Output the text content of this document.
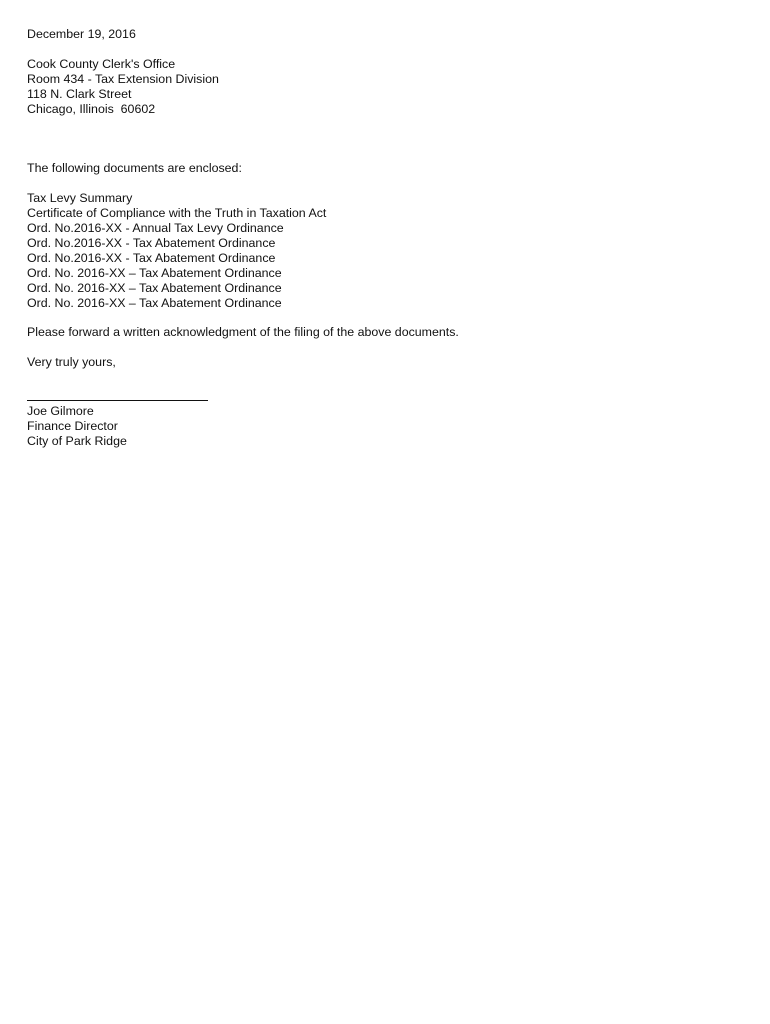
December 19, 2016
Cook County Clerk's Office
Room 434 - Tax Extension Division
118 N. Clark Street
Chicago, Illinois  60602
The following documents are enclosed:
Tax Levy Summary
Certificate of Compliance with the Truth in Taxation Act
Ord. No.2016-XX - Annual Tax Levy Ordinance
Ord. No.2016-XX - Tax Abatement Ordinance
Ord. No.2016-XX - Tax Abatement Ordinance
Ord. No. 2016-XX – Tax Abatement Ordinance
Ord. No. 2016-XX – Tax Abatement Ordinance
Ord. No. 2016-XX – Tax Abatement Ordinance
Please forward a written acknowledgment of the filing of the above documents.
Very truly yours,
Joe Gilmore
Finance Director
City of Park Ridge
